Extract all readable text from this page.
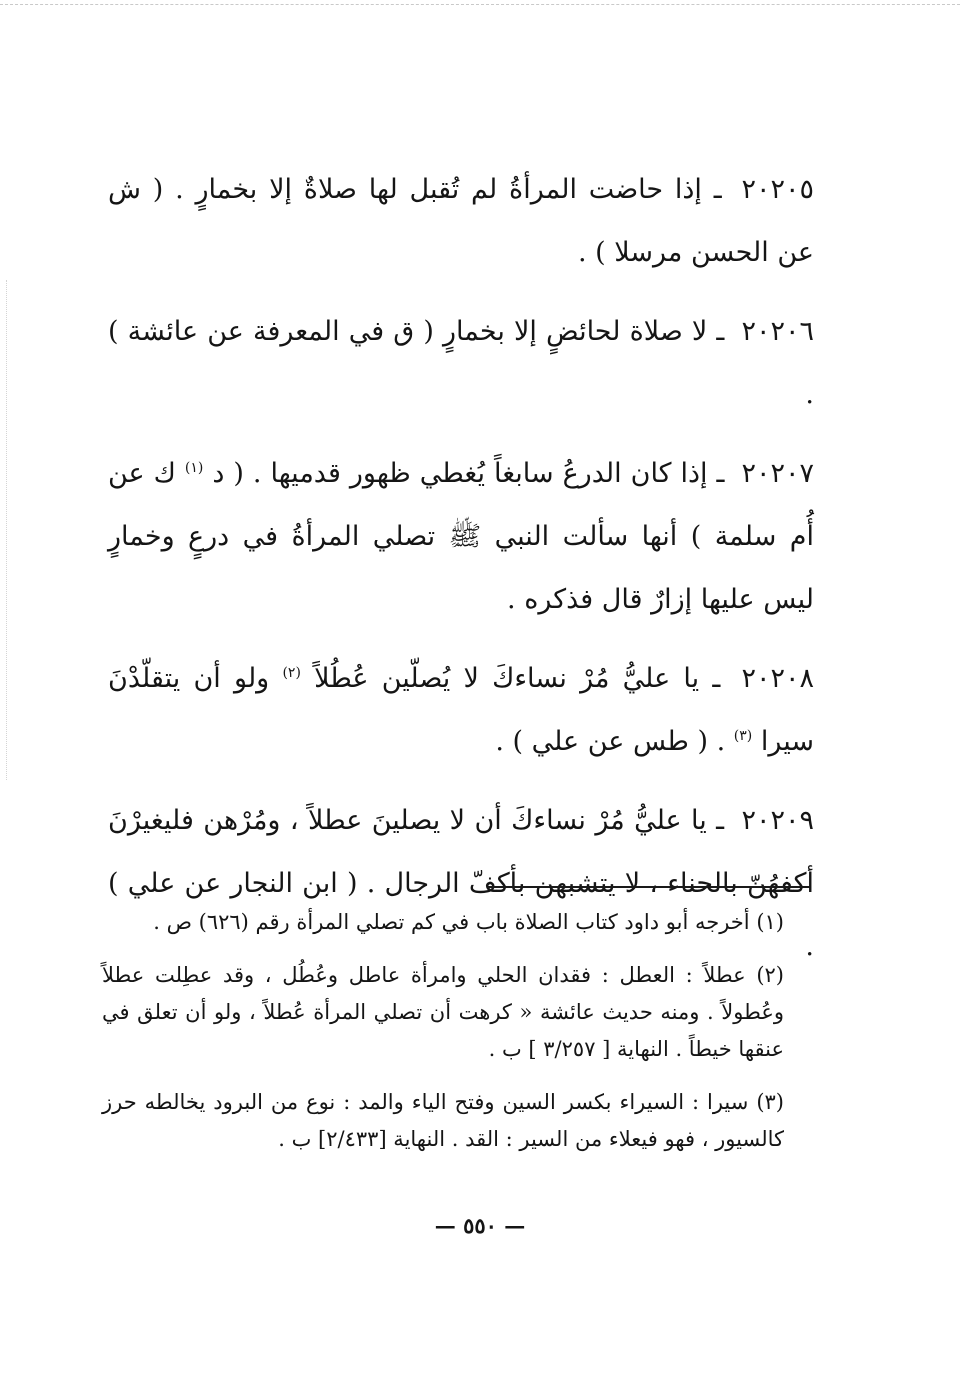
٢٠٢٠٥ ـ إذا حاضت المرأةُ لم تُقبل لها صلاةٌ إلا بخمارٍ . ( ش عن الحسن مرسلا ) .

٢٠٢٠٦ ـ لا صلاة لحائضٍ إلا بخمارٍ ( ق في المعرفة عن عائشة ) .

٢٠٢٠٧ ـ إذا كان الدرعُ سابغاً يُغطي ظهور قدميها . ( د $^{(١)}$ ك عن أُم سلمة ) أنها سألت النبي ﷺ تصلي المرأةُ في درعٍ وخمارٍ ليس عليها إزارٌ قال فذكره .

٢٠٢٠٨ ـ يا عليُّ مُرْ نساءكَ لا يُصلّين عُطُلاً $^{(٢)}$ ولو أن يتقلّدْنَ سيرا $^{(٣)}$ . ( طس عن علي ) .

٢٠٢٠٩ ـ يا عليُّ مُرْ نساءكَ أن لا يصلينَ عطلاً ، ومُرْهن فليغيرْنَ أكفهُنّ بالحناء ، لا يتشبهن بأكفّ الرجال . ( ابن النجار عن علي ) .

(١) أخرجه أبو داود كتاب الصلاة باب في كم تصلي المرأة رقم (٦٢٦) ص .

(٢) عطلاً : العطل : فقدان الحلي وامرأة عاطل وعُطُل ، وقد عطِلت عطلاً وعُطولاً . ومنه حديث عائشة « كرهت أن تصلي المرأة عُطلاً ، ولو أن تعلق في عنقها خيطاً . النهاية [ ٣/٢٥٧ ] ب .

(٣) سيرا : السيراء بكسر السين وفتح الياء والمد : نوع من البرود يخالطه حرز كالسيور ، فهو فيعلاء من السير : القد . النهاية [٢/٤٣٣] ب .

— ٥٥٠ —
